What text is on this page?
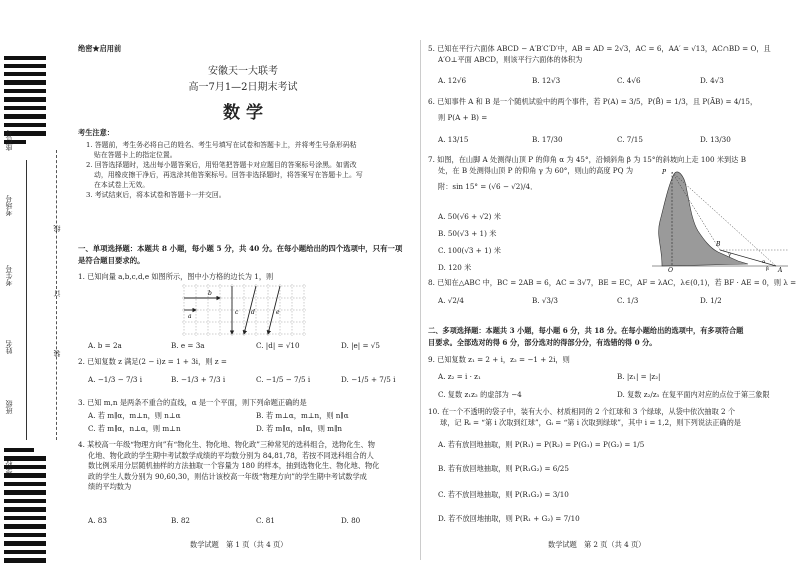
座位号
考场号
考生号
姓名
班级
学校
线
订
装
绝密★启用前
安徽天一大联考
高一7月1—2日期末考试
数 学
考生注意：
1. 答题前，考生务必将自己的姓名、考生号填写在试卷和答题卡上，并将考生号条形码粘
贴在答题卡上的指定位置。
2. 回答选择题时，选出每小题答案后，用铅笔把答题卡对应题目的答案标号涂黑。如需改
动，用橡皮擦干净后，再选涂其他答案标号。回答非选择题时，将答案写在答题卡上。写
在本试卷上无效。
3. 考试结束后，将本试卷和答题卡一并交回。
一、单项选择题：本题共 8 小题，每小题 5 分，共 40 分。在每小题给出的四个选项中，只有一项
是符合题目要求的。
1. 已知向量 a,b,c,d,e 如图所示，图中小方格的边长为 1，则
b
a
c d	e
A. b = 2a	B. e = 3a	C. |d| = √10	D. |e| = √5
2. 已知复数 z 满足(2 − i)z = 1 + 3i，则 z =
A. −1/3 − 7/3 i	B. −1/3 + 7/3 i	C. −1/5 − 7/5 i	D. −1/5 + 7/5 i
3. 已知 m,n 是两条不重合的直线，α 是一个平面，则下列命题正确的是
A. 若 m∥α，m⊥n，则 n⊥α	B. 若 m⊥α，m⊥n，则 n∥α
C. 若 m∥α，n⊥α，则 m⊥n	D. 若 m∥α，n∥α，则 m∥n
4. 某校高一年级“物理方向”有“物化生、物化地、物化政”三种常见的选科组合，选物化生、物
化地、物化政的学生期中考试数学成绩的平均数分别为 84,81,78，若按不同选科组合的人
数比例采用分层随机抽样的方法抽取一个容量为 180 的样本，抽到选物化生、物化地、物化
政的学生人数分别为 90,60,30，则估计该校高一年级“物理方向”的学生期中考试数学成
绩的平均数为
A. 83	B. 82	C. 81	D. 80
数学试题　第 1 页（共 4 页）
5. 已知在平行六面体 ABCD − A′B′C′D′中，AB = AD = 2√3，AC = 6，AA′ = √13，AC∩BD = O，且
A′O⊥平面 ABCD，则该平行六面体的体积为
A. 12√6	B. 12√3	C. 4√6	D. 4√3
6. 已知事件 A 和 B 是一个随机试验中的两个事件，若 P(A) = 3/5，P(B̄) = 1/3，且 P(ĀB) = 4/15，
则 P(A + B) =
A. 13/15	B. 17/30	C. 7/15	D. 13/30
7. 如图，在山脚 A 处测得山顶 P 的仰角 α 为 45°，沿倾斜角 β 为 15°的斜坡向上走 100 米到达 B
处，在 B 处测得山顶 P 的仰角 γ 为 60°，则山的高度 PQ 为
附：sin 15° = (√6 − √2)/4．
A. 50(√6 + √2) 米
B. 50(√3 + 1) 米
C. 100(√3 + 1) 米
D. 120 米
P
B
Q	A
γ
α
β
8. 已知在△ABC 中，BC = 2AB = 6，AC = 3√7，BE = EC，AF = λAC，λ∈(0,1)，若 BF · AE = 0，则 λ =
A. √2/4	B. √3/3	C. 1/3	D. 1/2
二、多项选择题：本题共 3 小题，每小题 6 分，共 18 分。在每小题给出的选项中，有多项符合题
目要求。全部选对的得 6 分，部分选对的得部分分，有选错的得 0 分。
9. 已知复数 z₁ = 2 + i，z₂ = −1 + 2i，则
A. z₂ = i · z₁	B. |z₁| = |z₂|
C. 复数 z₁z₂ 的虚部为 −4	D. 复数 z₂/z₁ 在复平面内对应的点位于第三象限
10. 在一个不透明的袋子中，装有大小、材质相同的 2 个红球和 3 个绿球，从袋中依次抽取 2 个
球，记 Rᵢ = “第 i 次取到红球”，Gᵢ = “第 i 次取到绿球”，其中 i = 1,2，则下列说法正确的是
A. 若有放回地抽取，则 P(R₁) = P(R₂) = P(G₁) = P(G₂) = 1/5
B. 若有放回地抽取，则 P(R₁G₂) = 6/25
C. 若不放回地抽取，则 P(R₁G₂) = 3/10
D. 若不放回地抽取，则 P(R₁ + G₂) = 7/10
数学试题　第 2 页（共 4 页）
